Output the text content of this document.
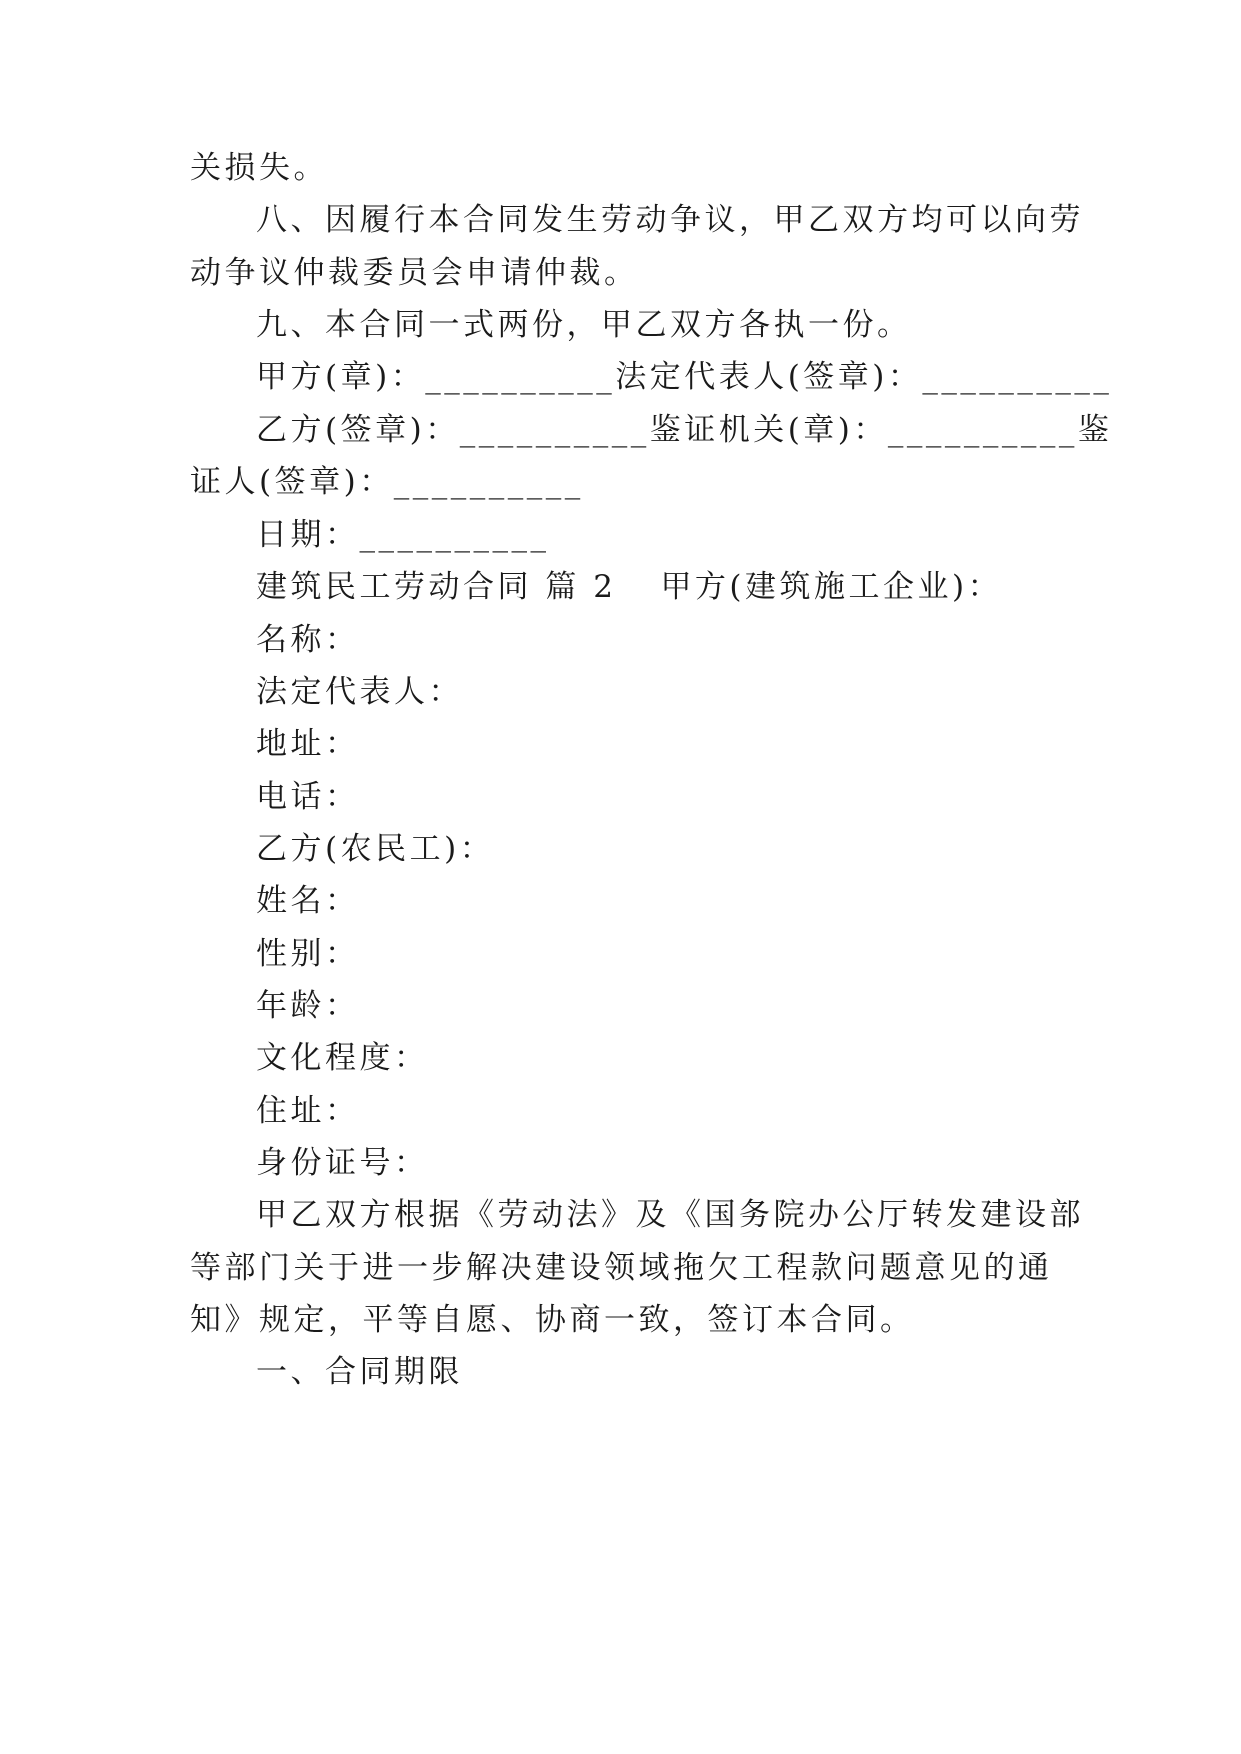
关损失。
八、因履行本合同发生劳动争议，甲乙双方均可以向劳
动争议仲裁委员会申请仲裁。
九、本合同一式两份，甲乙双方各执一份。
甲方(章)：__________法定代表人(签章)：__________
乙方(签章)：__________鉴证机关(章)：__________鉴
证人(签章)：__________
日期：__________
建筑民工劳动合同 篇 2 甲方(建筑施工企业)：
名称：
法定代表人：
地址：
电话：
乙方(农民工)：
姓名：
性别：
年龄：
文化程度：
住址：
身份证号：
甲乙双方根据《劳动法》及《国务院办公厅转发建设部
等部门关于进一步解决建设领域拖欠工程款问题意见的通
知》规定，平等自愿、协商一致，签订本合同。
一、合同期限
